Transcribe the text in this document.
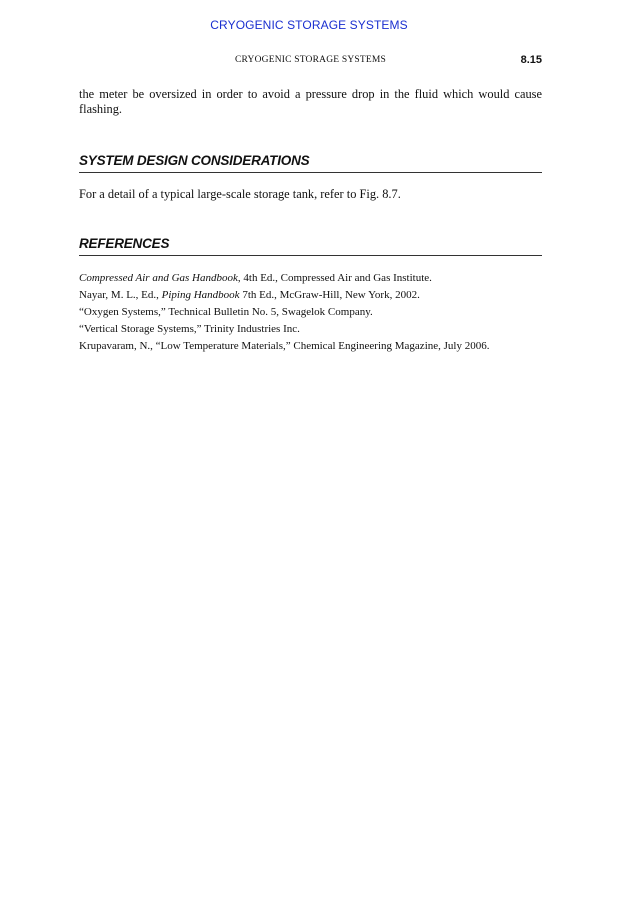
CRYOGENIC STORAGE SYSTEMS
CRYOGENIC STORAGE SYSTEMS	8.15

the meter be oversized in order to avoid a pressure drop in the fluid which would cause flashing.

SYSTEM DESIGN CONSIDERATIONS

For a detail of a typical large-scale storage tank, refer to Fig. 8.7.

REFERENCES
Compressed Air and Gas Handbook, 4th Ed., Compressed Air and Gas Institute.
Nayar, M. L., Ed., Piping Handbook 7th Ed., McGraw-Hill, New York, 2002.
“Oxygen Systems,” Technical Bulletin No. 5, Swagelok Company.
“Vertical Storage Systems,” Trinity Industries Inc.
Krupavaram, N., “Low Temperature Materials,” Chemical Engineering Magazine, July 2006.
